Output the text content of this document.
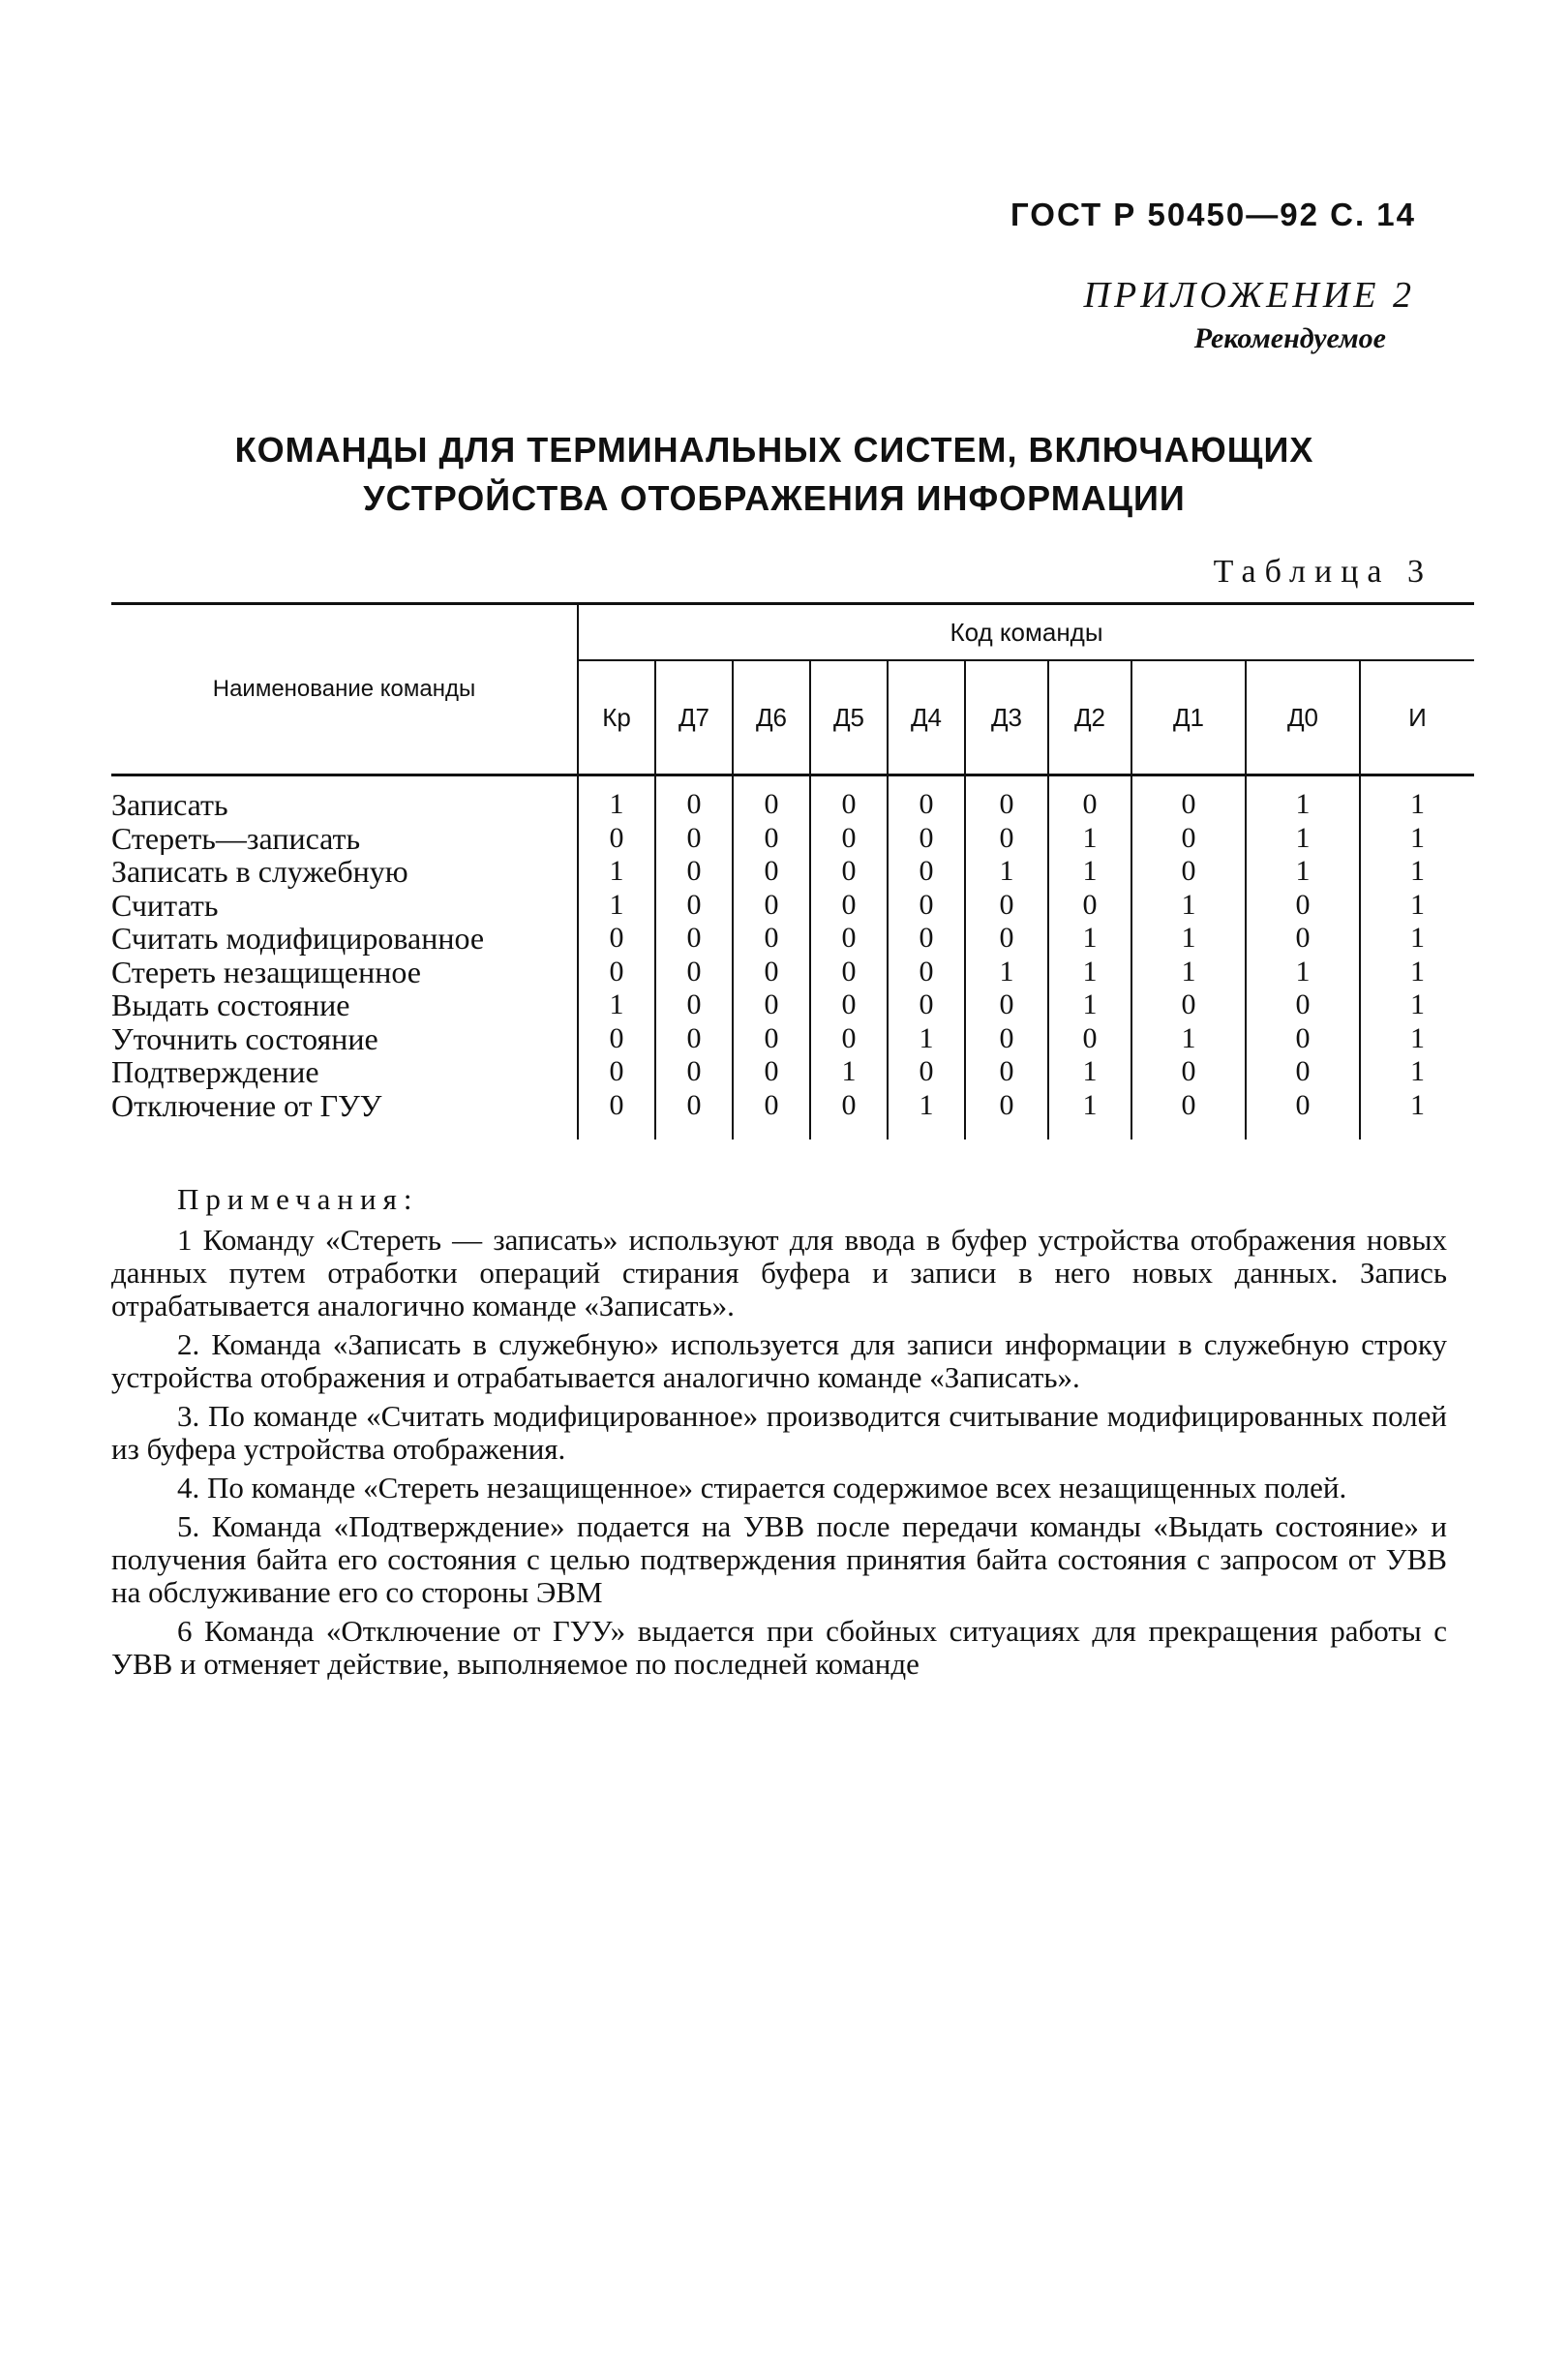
ГОСТ Р 50450—92 С. 14
ПРИЛОЖЕНИЕ 2
Рекомендуемое
КОМАНДЫ ДЛЯ ТЕРМИНАЛЬНЫХ СИСТЕМ, ВКЛЮЧАЮЩИХ
УСТРОЙСТВА ОТОБРАЖЕНИЯ ИНФОРМАЦИИ
Таблица 3
Наименование команды	Код команды									
	Кр	Д7	Д6	Д5	Д4	Д3	Д2	Д1	Д0	И
Записать	1	0	0	0	0	0	0	0	1	1
Стереть—записать	0	0	0	0	0	0	1	0	1	1
Записать в служебную	1	0	0	0	0	1	1	0	1	1
Считать	1	0	0	0	0	0	0	1	0	1
Считать модифицированное	0	0	0	0	0	0	1	1	0	1
Стереть незащищенное	0	0	0	0	0	1	1	1	1	1
Выдать состояние	1	0	0	0	0	0	1	0	0	1
Уточнить состояние	0	0	0	0	1	0	0	1	0	1
Подтверждение	0	0	0	1	0	0	1	0	0	1
Отключение от ГУУ	0	0	0	0	1	0	1	0	0	1
Примечания:

1 Команду «Стереть — записать» используют для ввода в буфер устройства отображения новых данных путем отработки операций стирания буфера и записи в него новых данных. Запись отрабатывается аналогично команде «Записать».

2. Команда «Записать в служебную» используется для записи информации в служебную строку устройства отображения и отрабатывается аналогично команде «Записать».

3. По команде «Считать модифицированное» производится считывание модифицированных полей из буфера устройства отображения.

4. По команде «Стереть незащищенное» стирается содержимое всех незащищенных полей.

5. Команда «Подтверждение» подается на УВВ после передачи команды «Выдать состояние» и получения байта его состояния с целью подтверждения принятия байта состояния с запросом от УВВ на обслуживание его со стороны ЭВМ

6 Команда «Отключение от ГУУ» выдается при сбойных ситуациях для прекращения работы с УВВ и отменяет действие, выполняемое по последней команде
